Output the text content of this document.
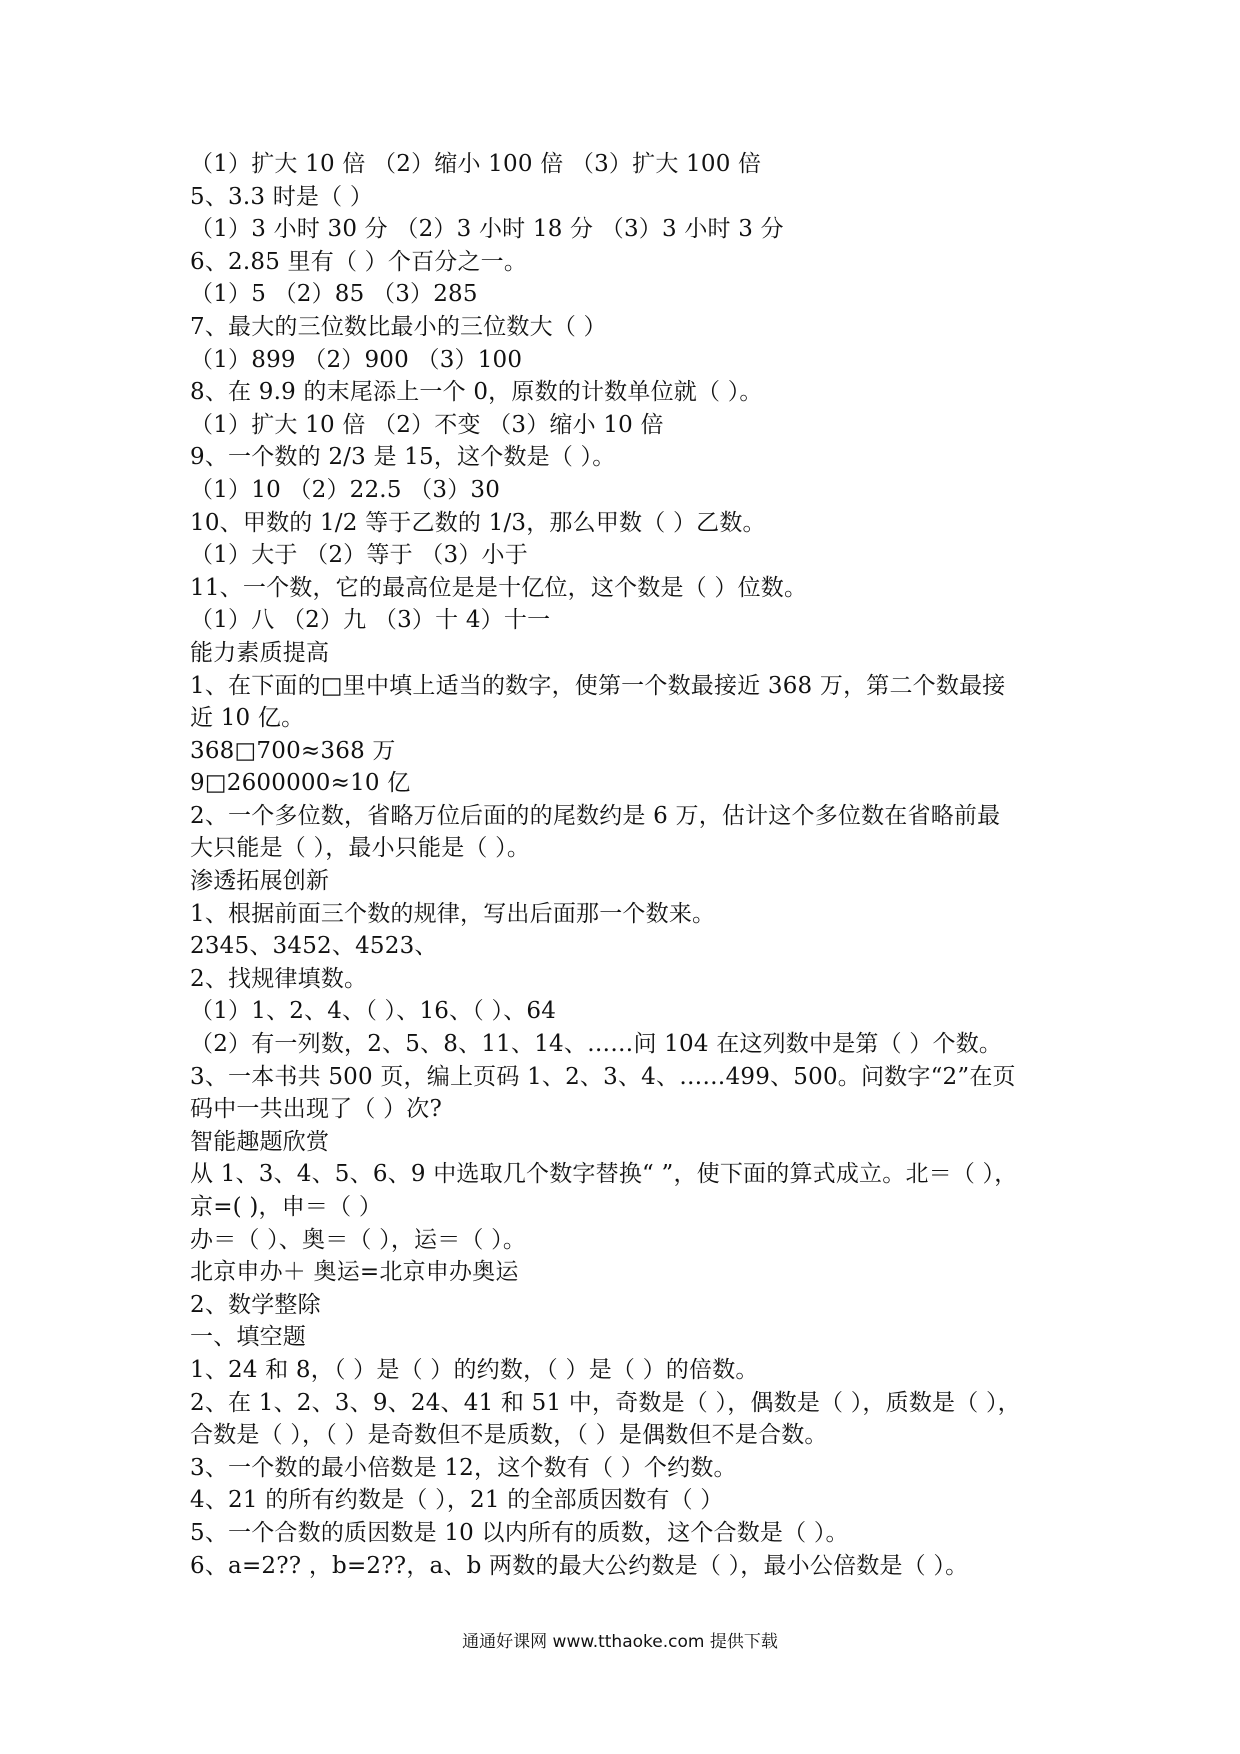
（1）扩大 10 倍 （2）缩小 100 倍 （3）扩大 100 倍
5、3.3 时是（ ）
（1）3 小时 30 分 （2）3 小时 18 分 （3）3 小时 3 分
6、2.85 里有（ ）个百分之一。
（1）5 （2）85 （3）285
7、最大的三位数比最小的三位数大（ ）
（1）899 （2）900 （3）100
8、在 9.9 的末尾添上一个 0，原数的计数单位就（ ）。
（1）扩大 10 倍 （2）不变 （3）缩小 10 倍
9、一个数的 2/3 是 15，这个数是（ ）。
（1）10 （2）22.5 （3）30
10、甲数的 1/2 等于乙数的 1/3，那么甲数（ ）乙数。
（1）大于 （2）等于 （3）小于
11、一个数，它的最高位是是十亿位，这个数是（ ）位数。
（1）八 （2）九 （3）十 4）十一
能力素质提高
1、在下面的□里中填上适当的数字，使第一个数最接近 368 万，第二个数最接
近 10 亿。
368□700≈368 万
9□2600000≈10 亿
2、一个多位数，省略万位后面的的尾数约是 6 万，估计这个多位数在省略前最
大只能是（ ），最小只能是（ ）。
渗透拓展创新
1、根据前面三个数的规律，写出后面那一个数来。
2345、3452、4523、
2、找规律填数。
（1）1、2、4、（ ）、16、（ ）、64
（2）有一列数，2、5、8、11、14、……问 104 在这列数中是第（ ）个数。
3、一本书共 500 页，编上页码 1、2、3、4、……499、500。问数字“2”在页
码中一共出现了（ ）次?
智能趣题欣赏
从 1、3、4、5、6、9 中选取几个数字替换“ ”，使下面的算式成立。北＝（ ），
京=( )，申＝（ ）
办＝（ ）、奥＝（ ），运＝（ ）。
北京申办＋ 奥运=北京申办奥运
2、数学整除
一、填空题
1、24 和 8，（ ）是（ ）的约数，（ ）是（ ）的倍数。
2、在 1、2、3、9、24、41 和 51 中，奇数是（ ），偶数是（ ），质数是（ ），
合数是（ ），（ ）是奇数但不是质数，（ ）是偶数但不是合数。
3、一个数的最小倍数是 12，这个数有（ ）个约数。
4、21 的所有约数是（ ），21 的全部质因数有（ ）
5、一个合数的质因数是 10 以内所有的质数，这个合数是（ ）。
6、a=2?? ，b=2??，a、b 两数的最大公约数是（ ），最小公倍数是（ ）。
通通好课网 www.tthaoke.com 提供下载
